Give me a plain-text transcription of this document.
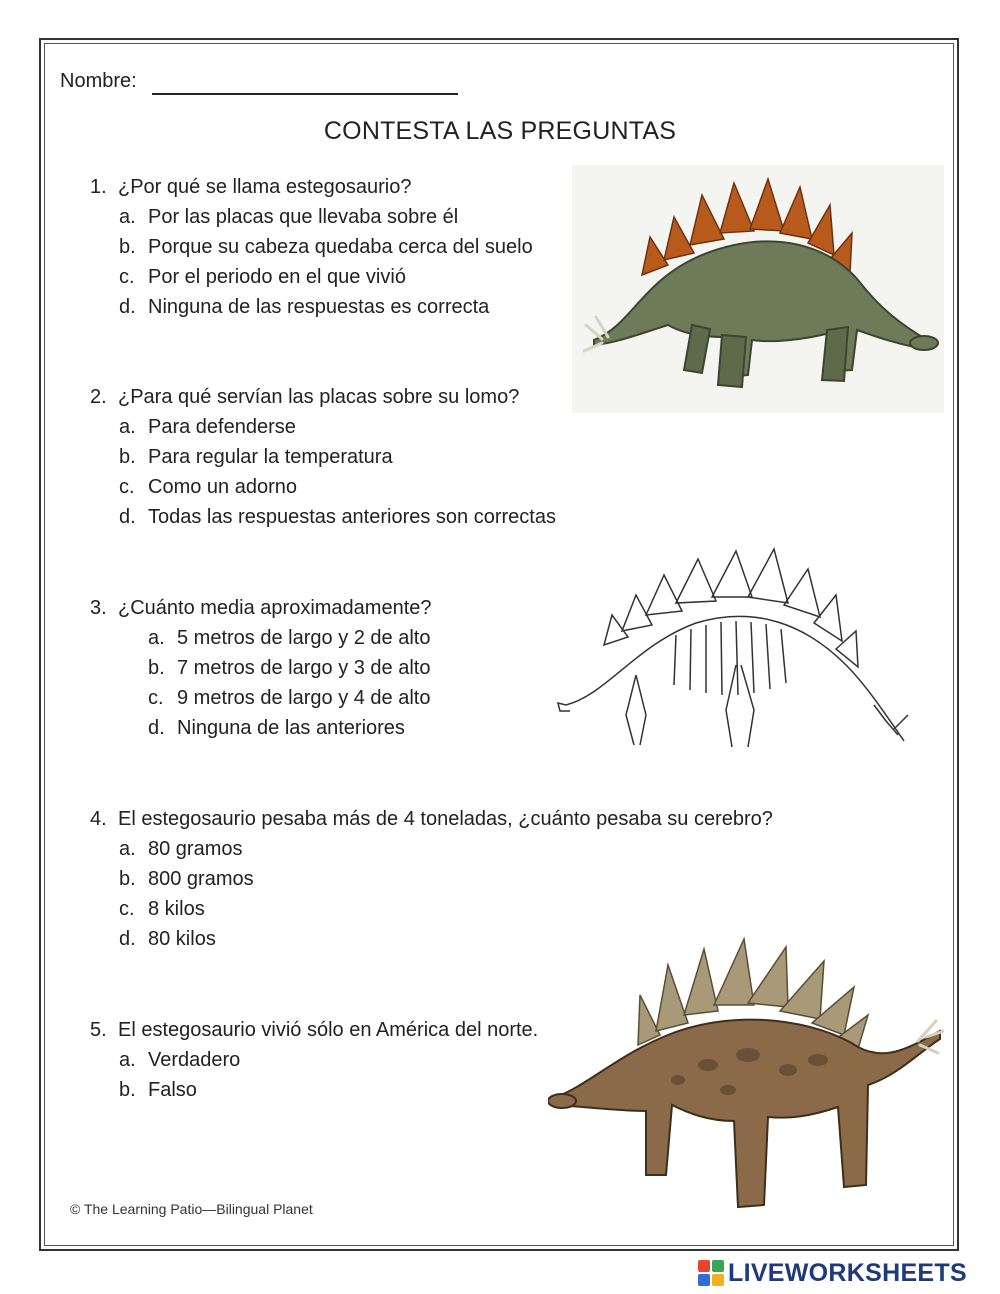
Nombre:
CONTESTA LAS PREGUNTAS
1. ¿Por qué se llama estegosaurio?
a. Por las placas que llevaba sobre él
b. Porque su cabeza quedaba cerca del suelo
c. Por el periodo en el que vivió
d. Ninguna de las respuestas es correcta
2. ¿Para qué servían las placas sobre su lomo?
a. Para defenderse
b. Para regular la temperatura
c. Como un adorno
d. Todas las respuestas anteriores son correctas
3. ¿Cuánto media aproximadamente?
a. 5 metros de largo y 2 de alto
b. 7 metros de largo y 3 de alto
c. 9 metros de largo y 4 de alto
d. Ninguna de las anteriores
4. El estegosaurio pesaba más de 4 toneladas, ¿cuánto pesaba su cerebro?
a. 80 gramos
b. 800 gramos
c. 8 kilos
d. 80 kilos
5. El estegosaurio vivió sólo en América del norte.
a. Verdadero
b. Falso
© The Learning Patio—Bilingual Planet
LIVEWORKSHEETS
